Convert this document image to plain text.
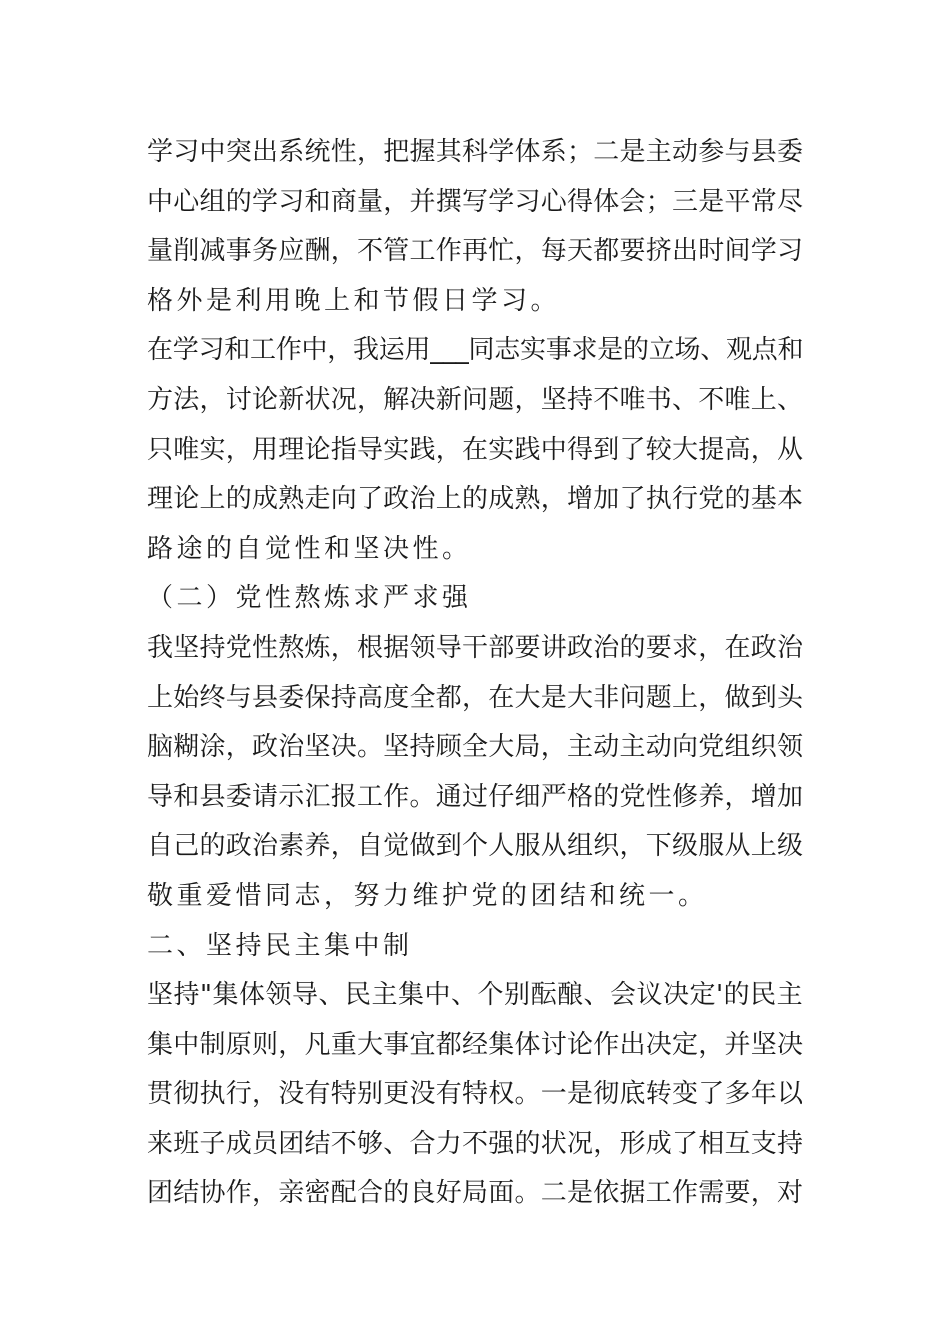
学习中突出系统性，把握其科学体系；二是主动参与县委
中心组的学习和商量，并撰写学习心得体会；三是平常尽
量削减事务应酬，不管工作再忙，每天都要挤出时间学习
格外是利用晚上和节假日学习。
在学习和工作中，我运用___同志实事求是的立场、观点和
方法，讨论新状况，解决新问题，坚持不唯书、不唯上、
只唯实，用理论指导实践，在实践中得到了较大提高，从
理论上的成熟走向了政治上的成熟，增加了执行党的基本
路途的自觉性和坚决性。
（二）党性熬炼求严求强
我坚持党性熬炼，根据领导干部要讲政治的要求，在政治
上始终与县委保持高度全都，在大是大非问题上，做到头
脑糊涂，政治坚决。坚持顾全大局，主动主动向党组织领
导和县委请示汇报工作。通过仔细严格的党性修养，增加
自己的政治素养，自觉做到个人服从组织，下级服从上级
敬重爱惜同志，努力维护党的团结和统一。
二、坚持民主集中制
坚持"集体领导、民主集中、个别酝酿、会议决定'的民主
集中制原则，凡重大事宜都经集体讨论作出决定，并坚决
贯彻执行，没有特别更没有特权。一是彻底转变了多年以
来班子成员团结不够、合力不强的状况，形成了相互支持
团结协作，亲密配合的良好局面。二是依据工作需要，对
